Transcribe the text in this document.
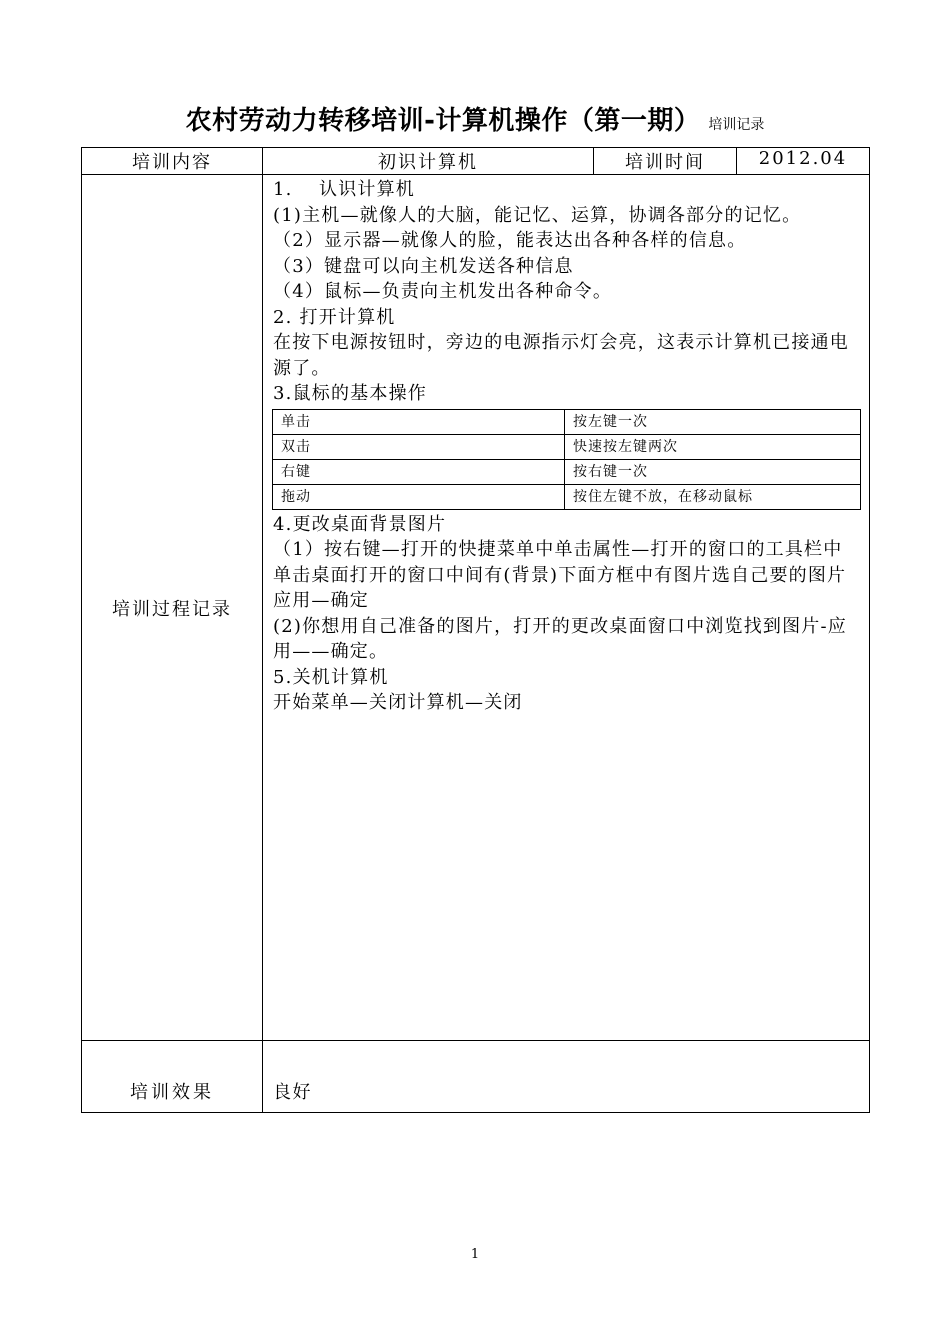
农村劳动力转移培训-计算机操作（第一期） 培训记录
培训内容	初识计算机	培训时间	2012.04
培训过程记录	

1. 认识计算机

(1)主机—就像人的大脑，能记忆、运算，协调各部分的记忆。

（2）显示器—就像人的脸，能表达出各种各样的信息。

（3）键盘可以向主机发送各种信息

（4）鼠标—负责向主机发出各种命令。

2. 打开计算机

在按下电源按钮时，旁边的电源指示灯会亮，这表示计算机已接通电源了。

3.鼠标的基本操作

单击	按左键一次
双击	快速按左键两次
右键	按右键一次
拖动	按住左键不放，在移动鼠标

4.更改桌面背景图片

（1）按右键—打开的快捷菜单中单击属性—打开的窗口的工具栏中单击桌面打开的窗口中间有(背景)下面方框中有图片选自己要的图片应用—确定

(2)你想用自己准备的图片，打开的更改桌面窗口中浏览找到图片-应用——确定。

5.关机计算机

开始菜单—关闭计算机—关闭

培训效果	良好
1
